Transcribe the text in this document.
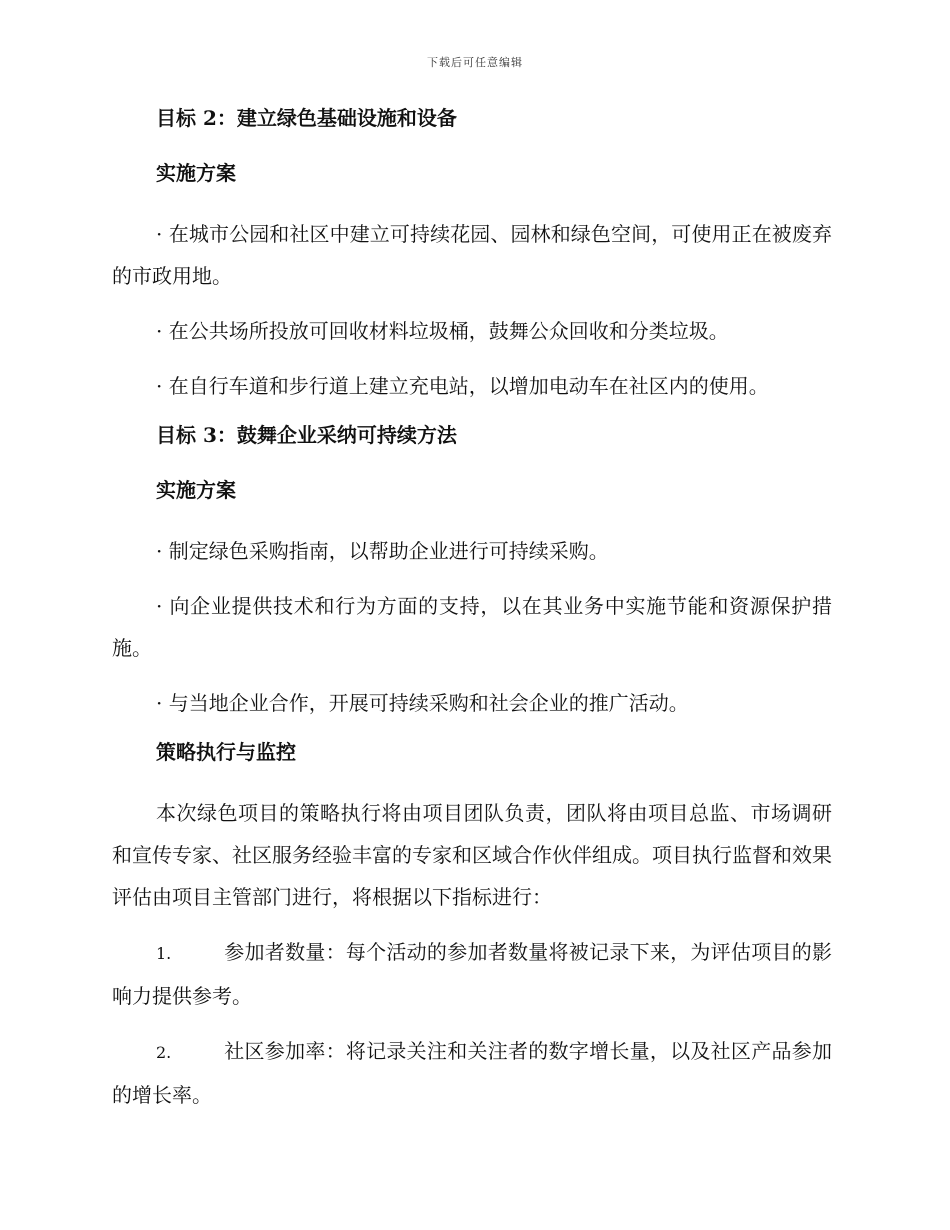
下载后可任意编辑
目标 2：建立绿色基础设施和设备
实施方案

· 在城市公园和社区中建立可持续花园、园林和绿色空间，可使用正在被废弃的市政用地。

· 在公共场所投放可回收材料垃圾桶，鼓舞公众回收和分类垃圾。

· 在自行车道和步行道上建立充电站，以增加电动车在社区内的使用。

目标 3：鼓舞企业采纳可持续方法
实施方案

· 制定绿色采购指南，以帮助企业进行可持续采购。

· 向企业提供技术和行为方面的支持，以在其业务中实施节能和资源保护措施。

· 与当地企业合作，开展可持续采购和社会企业的推广活动。

策略执行与监控

本次绿色项目的策略执行将由项目团队负责，团队将由项目总监、市场调研和宣传专家、社区服务经验丰富的专家和区域合作伙伴组成。项目执行监督和效果评估由项目主管部门进行，将根据以下指标进行：

1.	参加者数量：每个活动的参加者数量将被记录下来，为评估项目的影响力提供参考。

2.	社区参加率：将记录关注和关注者的数字增长量，以及社区产品参加的增长率。
